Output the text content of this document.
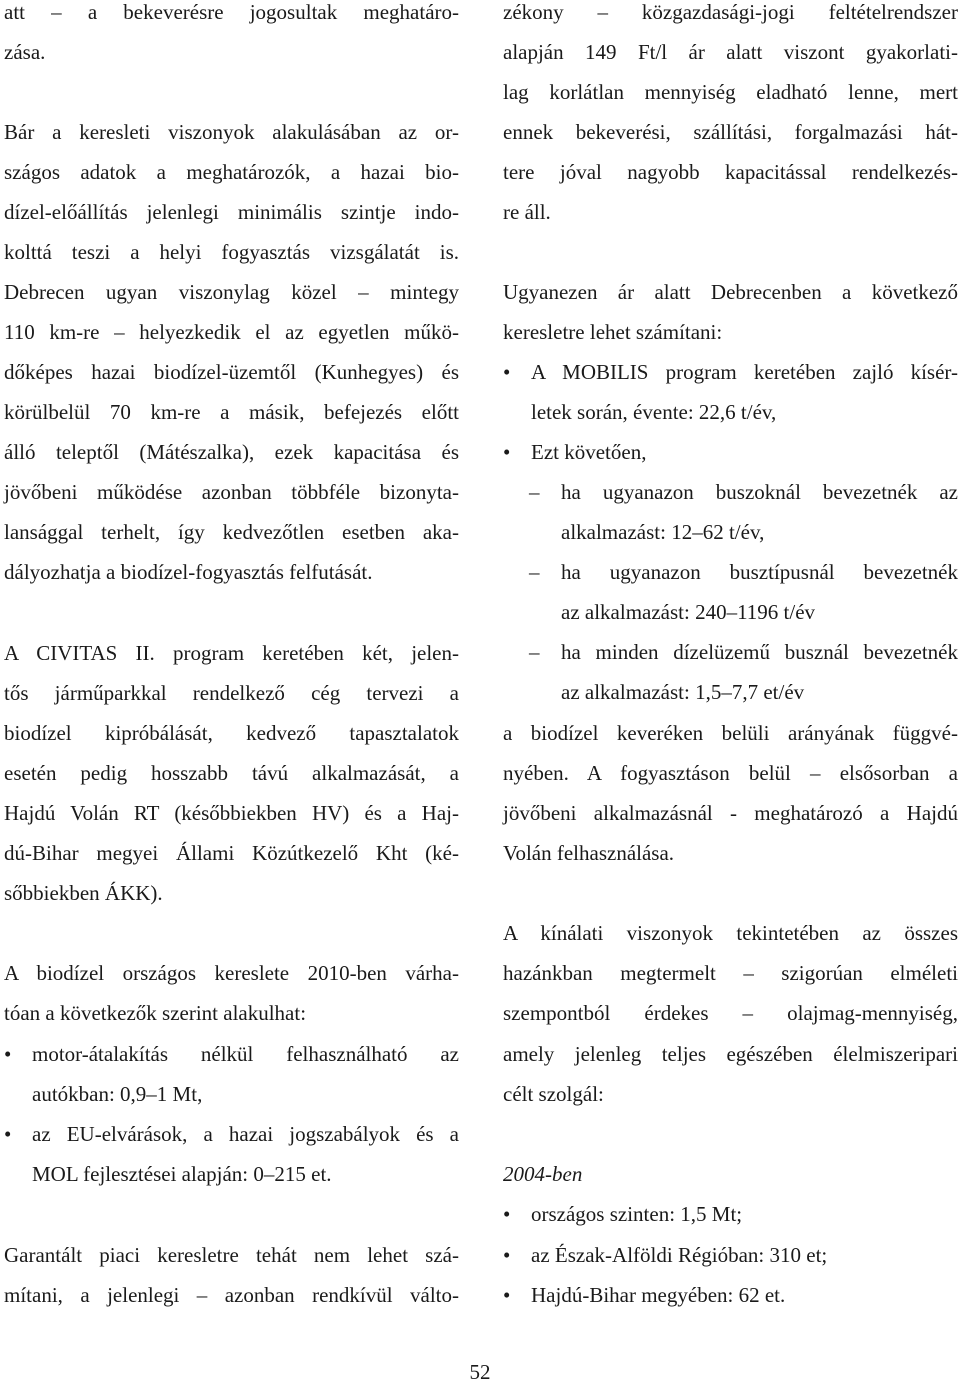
att – a bekeverésre jogosultak meghatáro-
zása.
Bár a keresleti viszonyok alakulásában az or-
szágos adatok a meghatározók, a hazai bio-
dízel-előállítás jelenlegi minimális szintje indo-
kolttá teszi a helyi fogyasztás vizsgálatát is.
Debrecen ugyan viszonylag közel – mintegy
110 km-re – helyezkedik el az egyetlen műkö-
dőképes hazai biodízel-üzemtől (Kunhegyes) és
körülbelül 70 km-re a másik, befejezés előtt
álló teleptől (Mátészalka), ezek kapacitása és
jövőbeni működése azonban többféle bizonyta-
lansággal terhelt, így kedvezőtlen esetben aka-
dályozhatja a biodízel-fogyasztás felfutását.
A CIVITAS II. program keretében két, jelen-
tős járműparkkal rendelkező cég tervezi a
biodízel kipróbálását, kedvező tapasztalatok
esetén pedig hosszabb távú alkalmazását, a
Hajdú Volán RT (későbbiekben HV) és a Haj-
dú-Bihar megyei Állami Közútkezelő Kht (ké-
sőbbiekben ÁKK).
A biodízel országos kereslete 2010-ben várha-
tóan a következők szerint alakulhat:
• motor-átalakítás nélkül felhasználható az
autókban: 0,9–1 Mt,
• az EU-elvárások, a hazai jogszabályok és a
MOL fejlesztései alapján: 0–215 et.
Garantált piaci keresletre tehát nem lehet szá-
mítani, a jelenlegi – azonban rendkívül válto-
zékony – közgazdasági-jogi feltételrendszer
alapján 149 Ft/l ár alatt viszont gyakorlati-
lag korlátlan mennyiség eladható lenne, mert
ennek bekeverési, szállítási, forgalmazási hát-
tere jóval nagyobb kapacitással rendelkezés-
re áll.
Ugyanezen ár alatt Debrecenben a következő
keresletre lehet számítani:
• A MOBILIS program keretében zajló kísér-
letek során, évente: 22,6 t/év,
• Ezt követően,
–	ha ugyanazon buszoknál bevezetnék az
alkalmazást: 12–62 t/év,
–	ha ugyanazon busztípusnál bevezetnék
az alkalmazást: 240–1196 t/év
–	ha minden dízelüzemű busznál bevezetnék
az alkalmazást: 1,5–7,7 et/év
a biodízel keveréken belüli arányának függvé-
nyében. A fogyasztáson belül – elsősorban a
jövőbeni alkalmazásnál - meghatározó a Hajdú
Volán felhasználása.
A kínálati viszonyok tekintetében az összes
hazánkban megtermelt – szigorúan elméleti
szempontból érdekes – olajmag-mennyiség,
amely jelenleg teljes egészében élelmiszeripari
célt szolgál:
2004-ben
• országos szinten: 1,5 Mt;
• az Észak-Alföldi Régióban: 310 et;
• Hajdú-Bihar megyében: 62 et.
52
